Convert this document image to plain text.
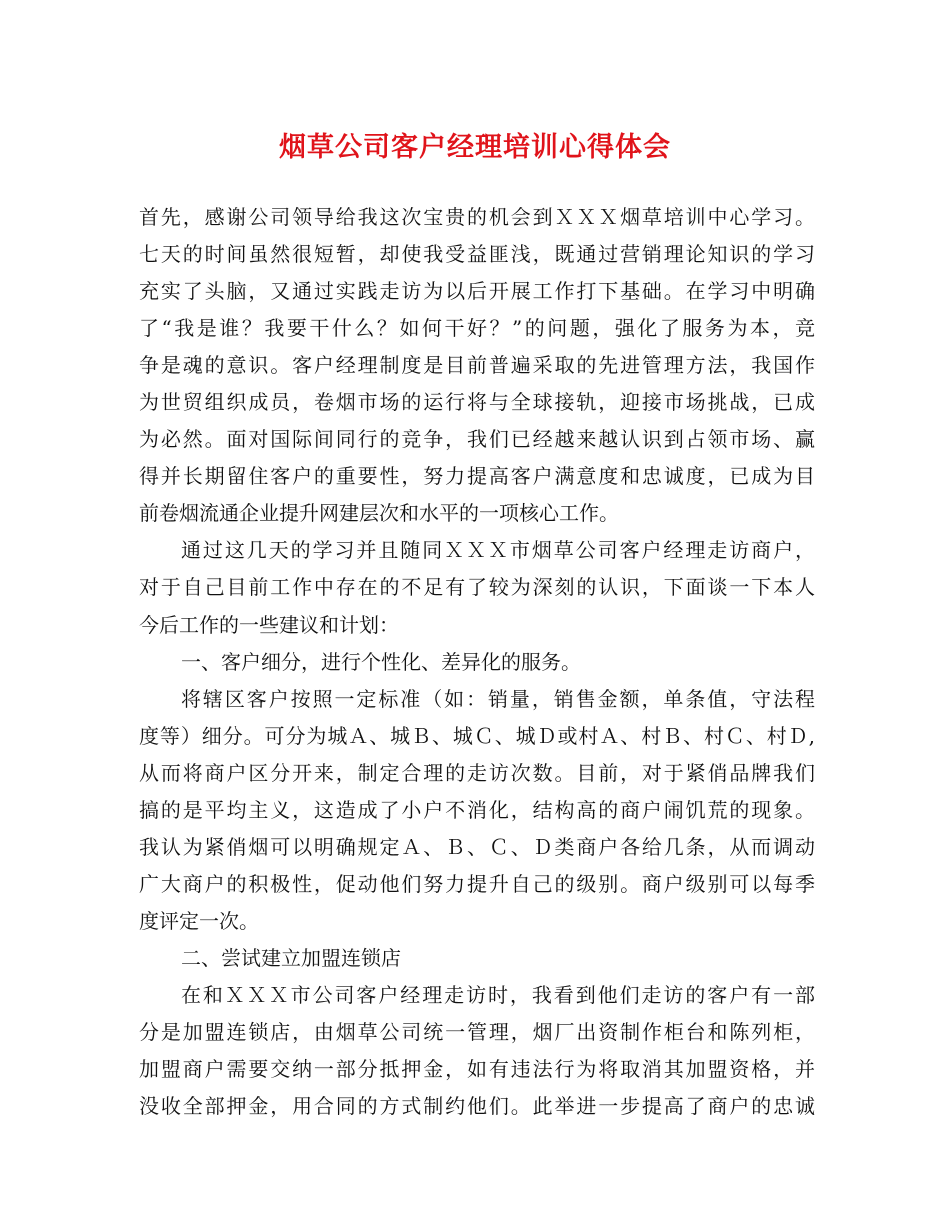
烟草公司客户经理培训心得体会
首先，感谢公司领导给我这次宝贵的机会到ＸＸＸ烟草培训中心学习。
七天的时间虽然很短暂，却使我受益匪浅，既通过营销理论知识的学习
充实了头脑，又通过实践走访为以后开展工作打下基础。在学习中明确
了“我是谁？我要干什么？如何干好？”的问题，强化了服务为本，竞
争是魂的意识。客户经理制度是目前普遍采取的先进管理方法，我国作
为世贸组织成员，卷烟市场的运行将与全球接轨，迎接市场挑战，已成
为必然。面对国际间同行的竞争，我们已经越来越认识到占领市场、赢
得并长期留住客户的重要性，努力提高客户满意度和忠诚度，已成为目
前卷烟流通企业提升网建层次和水平的一项核心工作。
通过这几天的学习并且随同ＸＸＸ市烟草公司客户经理走访商户，
对于自己目前工作中存在的不足有了较为深刻的认识，下面谈一下本人
今后工作的一些建议和计划：
一、客户细分，进行个性化、差异化的服务。
将辖区客户按照一定标准（如：销量，销售金额，单条值，守法程
度等）细分。可分为城Ａ、城Ｂ、城Ｃ、城Ｄ或村Ａ、村Ｂ、村Ｃ、村Ｄ,
从而将商户区分开来，制定合理的走访次数。目前，对于紧俏品牌我们
搞的是平均主义，这造成了小户不消化，结构高的商户闹饥荒的现象。
我认为紧俏烟可以明确规定Ａ、Ｂ、Ｃ、Ｄ类商户各给几条，从而调动
广大商户的积极性，促动他们努力提升自己的级别。商户级别可以每季
度评定一次。
二、尝试建立加盟连锁店
在和ＸＸＸ市公司客户经理走访时，我看到他们走访的客户有一部
分是加盟连锁店，由烟草公司统一管理，烟厂出资制作柜台和陈列柜，
加盟商户需要交纳一部分抵押金，如有违法行为将取消其加盟资格，并
没收全部押金，用合同的方式制约他们。此举进一步提高了商户的忠诚
